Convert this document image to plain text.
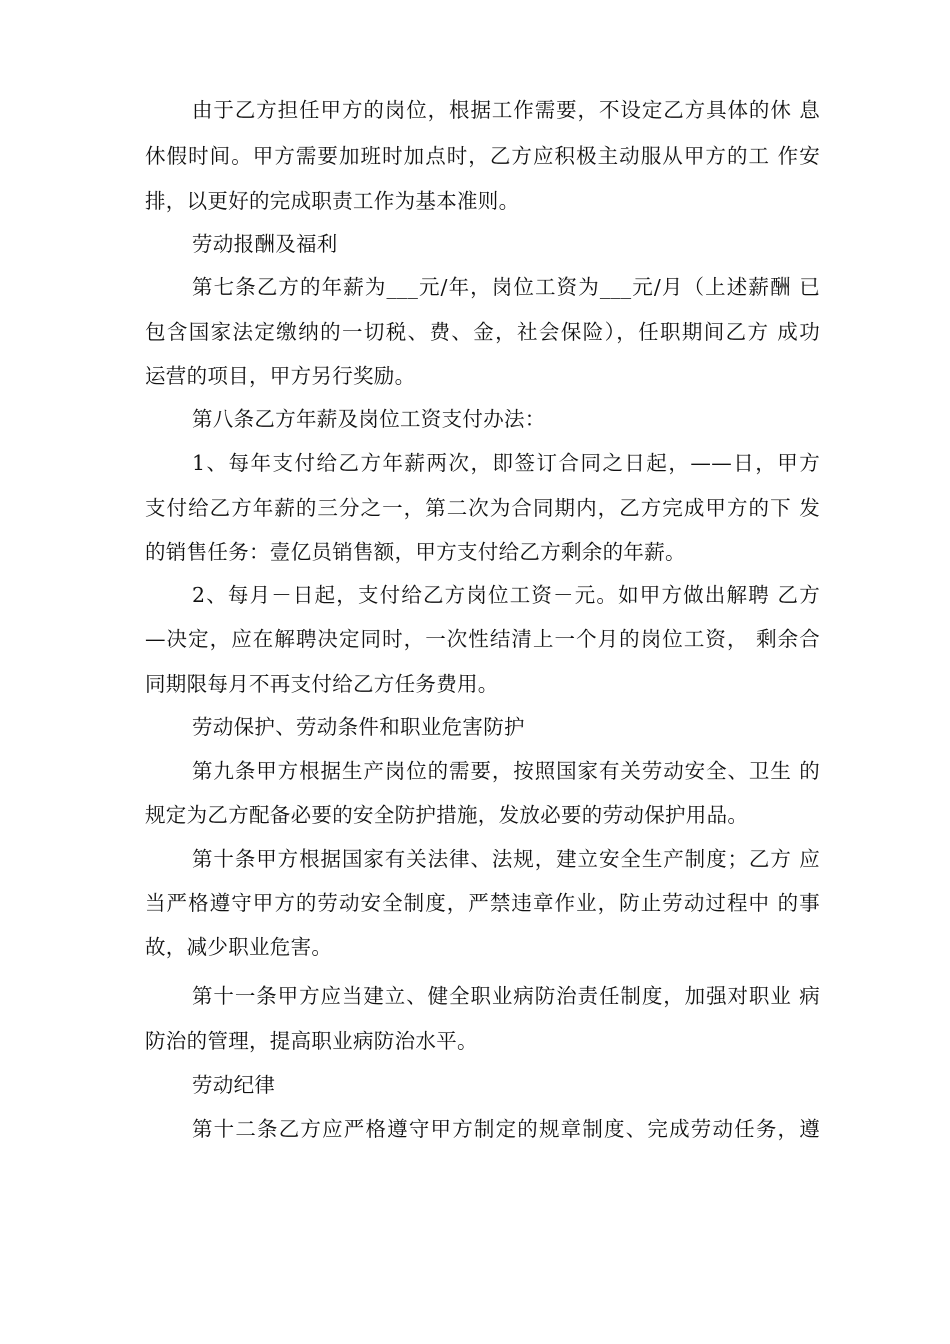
由于乙方担任甲方的岗位，根据工作需要，不设定乙方具体的休 息
休假时间。甲方需要加班时加点时，乙方应积极主动服从甲方的工 作安
排，以更好的完成职责工作为基本准则。
劳动报酬及福利
第七条乙方的年薪为___元/年，岗位工资为___元/月（上述薪酬 已
包含国家法定缴纳的一切税、费、金，社会保险），任职期间乙方 成功
运营的项目，甲方另行奖励。
第八条乙方年薪及岗位工资支付办法：
1、每年支付给乙方年薪两次，即签订合同之日起，——日，甲方
支付给乙方年薪的三分之一，第二次为合同期内，乙方完成甲方的下 发
的销售任务：壹亿员销售额，甲方支付给乙方剩余的年薪。
2、每月－日起，支付给乙方岗位工资－元。如甲方做出解聘 乙方
—决定，应在解聘决定同时，一次性结清上一个月的岗位工资， 剩余合
同期限每月不再支付给乙方任务费用。
劳动保护、劳动条件和职业危害防护
第九条甲方根据生产岗位的需要，按照国家有关劳动安全、卫生 的
规定为乙方配备必要的安全防护措施，发放必要的劳动保护用品。
第十条甲方根据国家有关法律、法规，建立安全生产制度；乙方 应
当严格遵守甲方的劳动安全制度，严禁违章作业，防止劳动过程中 的事
故，减少职业危害。
第十一条甲方应当建立、健全职业病防治责任制度，加强对职业 病
防治的管理，提高职业病防治水平。
劳动纪律
第十二条乙方应严格遵守甲方制定的规章制度、完成劳动任务，遵
